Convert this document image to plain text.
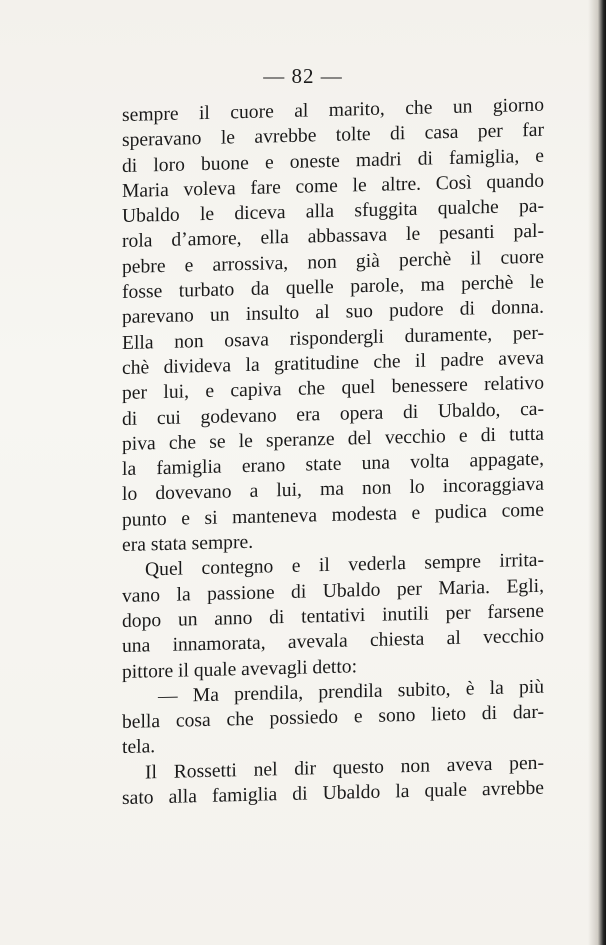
— 82 —
sempre il cuore al marito, che un giorno
speravano le avrebbe tolte di casa per far
di loro buone e oneste madri di famiglia, e
Maria voleva fare come le altre. Così quando
Ubaldo le diceva alla sfuggita qualche pa-
rola d’amore, ella abbassava le pesanti pal-
pebre e arrossiva, non già perchè il cuore
fosse turbato da quelle parole, ma perchè le
parevano un insulto al suo pudore di donna.
Ella non osava rispondergli duramente, per-
chè divideva la gratitudine che il padre aveva
per lui, e capiva che quel benessere relativo
di cui godevano era opera di Ubaldo, ca-
piva che se le speranze del vecchio e di tutta
la famiglia erano state una volta appagate,
lo dovevano a lui, ma non lo incoraggiava
punto e si manteneva modesta e pudica come
era stata sempre.
Quel contegno e il vederla sempre irrita-
vano la passione di Ubaldo per Maria. Egli,
dopo un anno di tentativi inutili per farsene
una innamorata, avevala chiesta al vecchio
pittore il quale avevagli detto:
— Ma prendila, prendila subito, è la più
bella cosa che possiedo e sono lieto di dar-
tela.
Il Rossetti nel dir questo non aveva pen-
sato alla famiglia di Ubaldo la quale avrebbe
